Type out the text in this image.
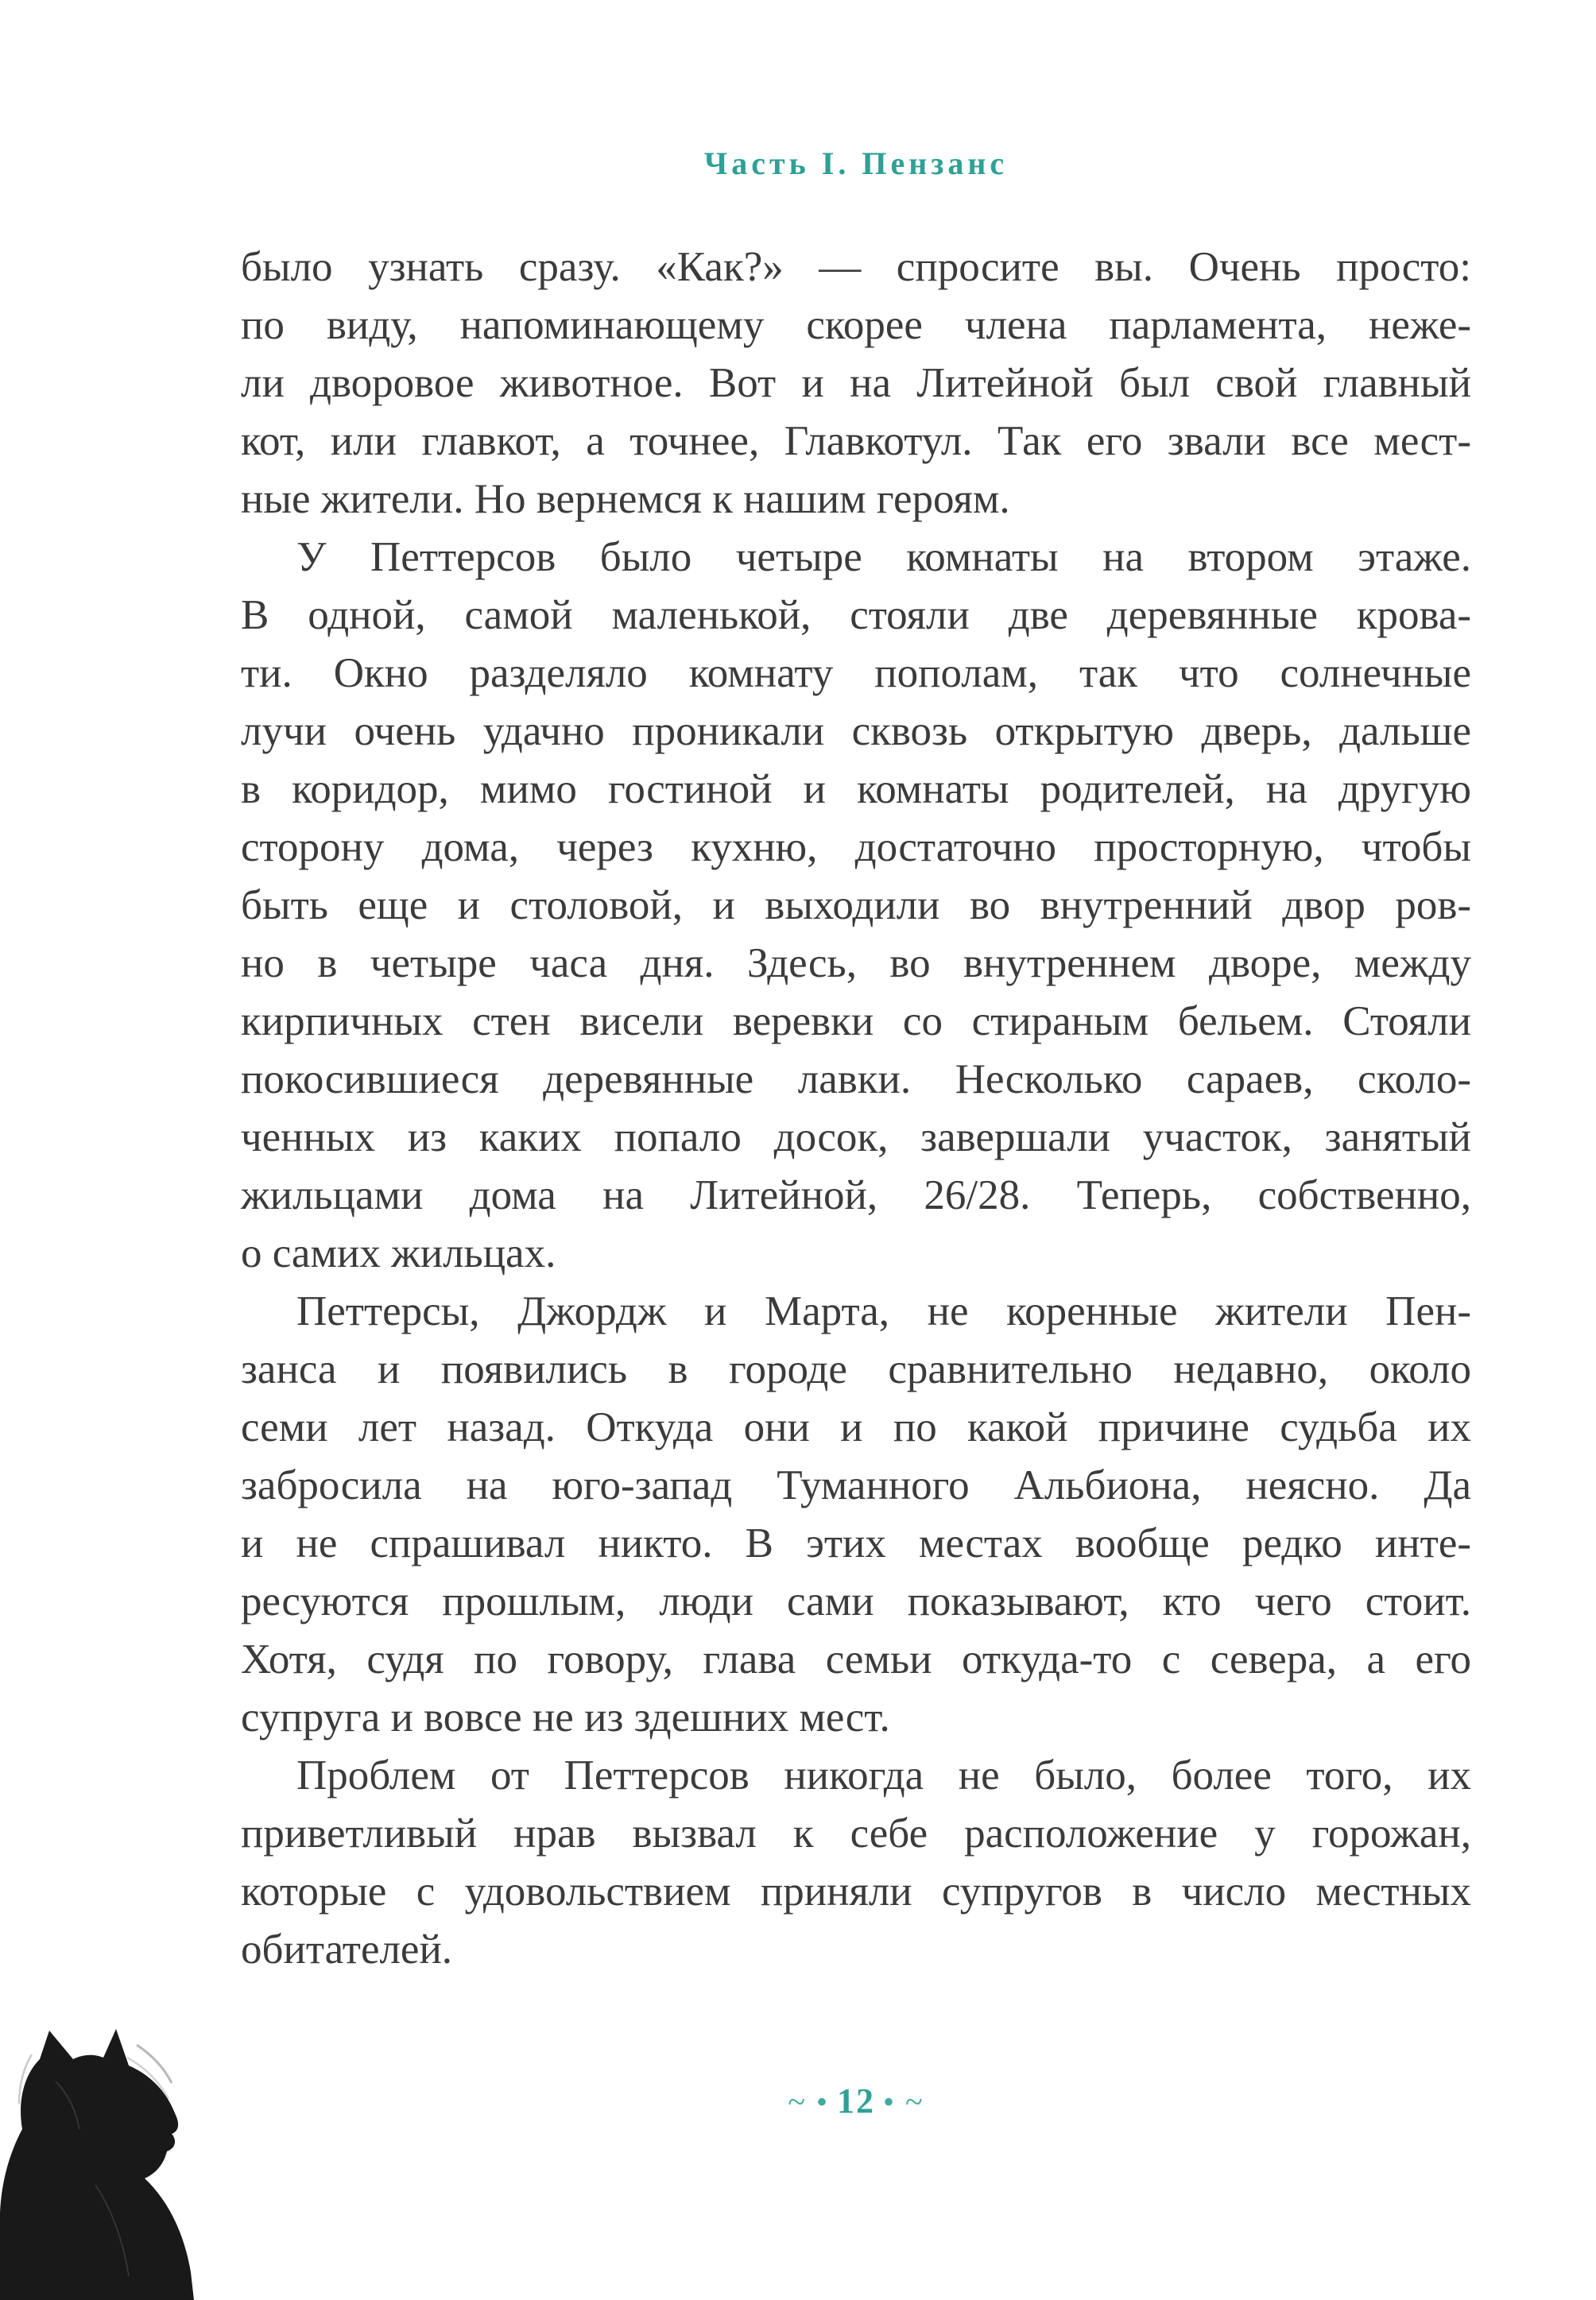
Часть I. Пензанс
было узнать сразу. «Как?» — спросите вы. Очень просто:
по виду, напоминающему скорее члена парламента, неже-
ли дворовое животное. Вот и на Литейной был свой главный
кот, или главкот, а точнее, Главкотул. Так его звали все мест-
ные жители. Но вернемся к нашим героям.
У Петтерсов было четыре комнаты на втором этаже.
В одной, самой маленькой, стояли две деревянные крова-
ти. Окно разделяло комнату пополам, так что солнечные
лучи очень удачно проникали сквозь открытую дверь, дальше
в коридор, мимо гостиной и комнаты родителей, на другую
сторону дома, через кухню, достаточно просторную, чтобы
быть еще и столовой, и выходили во внутренний двор ров-
но в четыре часа дня. Здесь, во внутреннем дворе, между
кирпичных стен висели веревки со стираным бельем. Стояли
покосившиеся деревянные лавки. Несколько сараев, сколо-
ченных из каких попало досок, завершали участок, занятый
жильцами дома на Литейной, 26/28. Теперь, собственно,
о самих жильцах.
Петтерсы, Джордж и Марта, не коренные жители Пен-
занса и появились в городе сравнительно недавно, около
семи лет назад. Откуда они и по какой причине судьба их
забросила на юго-запад Туманного Альбиона, неясно. Да
и не спрашивал никто. В этих местах вообще редко инте-
ресуются прошлым, люди сами показывают, кто чего стоит.
Хотя, судя по говору, глава семьи откуда-то с севера, а его
супруга и вовсе не из здешних мест.
Проблем от Петтерсов никогда не было, более того, их
приветливый нрав вызвал к себе расположение у горожан,
которые с удовольствием приняли супругов в число местных
обитателей.
~ • 12 • ~
